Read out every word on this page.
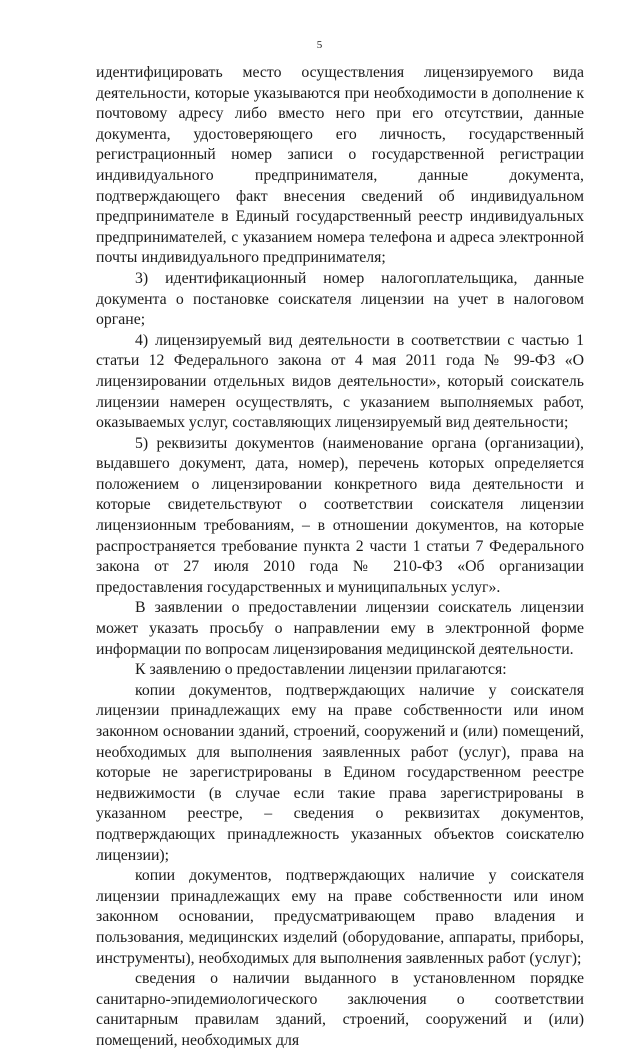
5

идентифицировать место осуществления лицензируемого вида деятельности, которые указываются при необходимости в дополнение к почтовому адресу либо вместо него при его отсутствии, данные документа, удостоверяющего его личность, государственный регистрационный номер записи о государственной регистрации индивидуального предпринимателя, данные документа, подтверждающего факт внесения сведений об индивидуальном предпринимателе в Единый государственный реестр индивидуальных предпринимателей, с указанием номера телефона и адреса электронной почты индивидуального предпринимателя;

3) идентификационный номер налогоплательщика, данные документа о постановке соискателя лицензии на учет в налоговом органе;

4) лицензируемый вид деятельности в соответствии с частью 1 статьи 12 Федерального закона от 4 мая 2011 года № 99-ФЗ «О лицензировании отдельных видов деятельности», который соискатель лицензии намерен осуществлять, с указанием выполняемых работ, оказываемых услуг, составляющих лицензируемый вид деятельности;

5) реквизиты документов (наименование органа (организации), выдавшего документ, дата, номер), перечень которых определяется положением о лицензировании конкретного вида деятельности и которые свидетельствуют о соответствии соискателя лицензии лицензионным требованиям, – в отношении документов, на которые распространяется требование пункта 2 части 1 статьи 7 Федерального закона от 27 июля 2010 года № 210-ФЗ «Об организации предоставления государственных и муниципальных услуг».

В заявлении о предоставлении лицензии соискатель лицензии может указать просьбу о направлении ему в электронной форме информации по вопросам лицензирования медицинской деятельности.

К заявлению о предоставлении лицензии прилагаются:

копии документов, подтверждающих наличие у соискателя лицензии принадлежащих ему на праве собственности или ином законном основании зданий, строений, сооружений и (или) помещений, необходимых для выполнения заявленных работ (услуг), права на которые не зарегистрированы в Едином государственном реестре недвижимости (в случае если такие права зарегистрированы в указанном реестре, – сведения о реквизитах документов, подтверждающих принадлежность указанных объектов соискателю лицензии);

копии документов, подтверждающих наличие у соискателя лицензии принадлежащих ему на праве собственности или ином законном основании, предусматривающем право владения и пользования, медицинских изделий (оборудование, аппараты, приборы, инструменты), необходимых для выполнения заявленных работ (услуг);

сведения о наличии выданного в установленном порядке санитарно-эпидемиологического заключения о соответствии санитарным правилам зданий, строений, сооружений и (или) помещений, необходимых для
